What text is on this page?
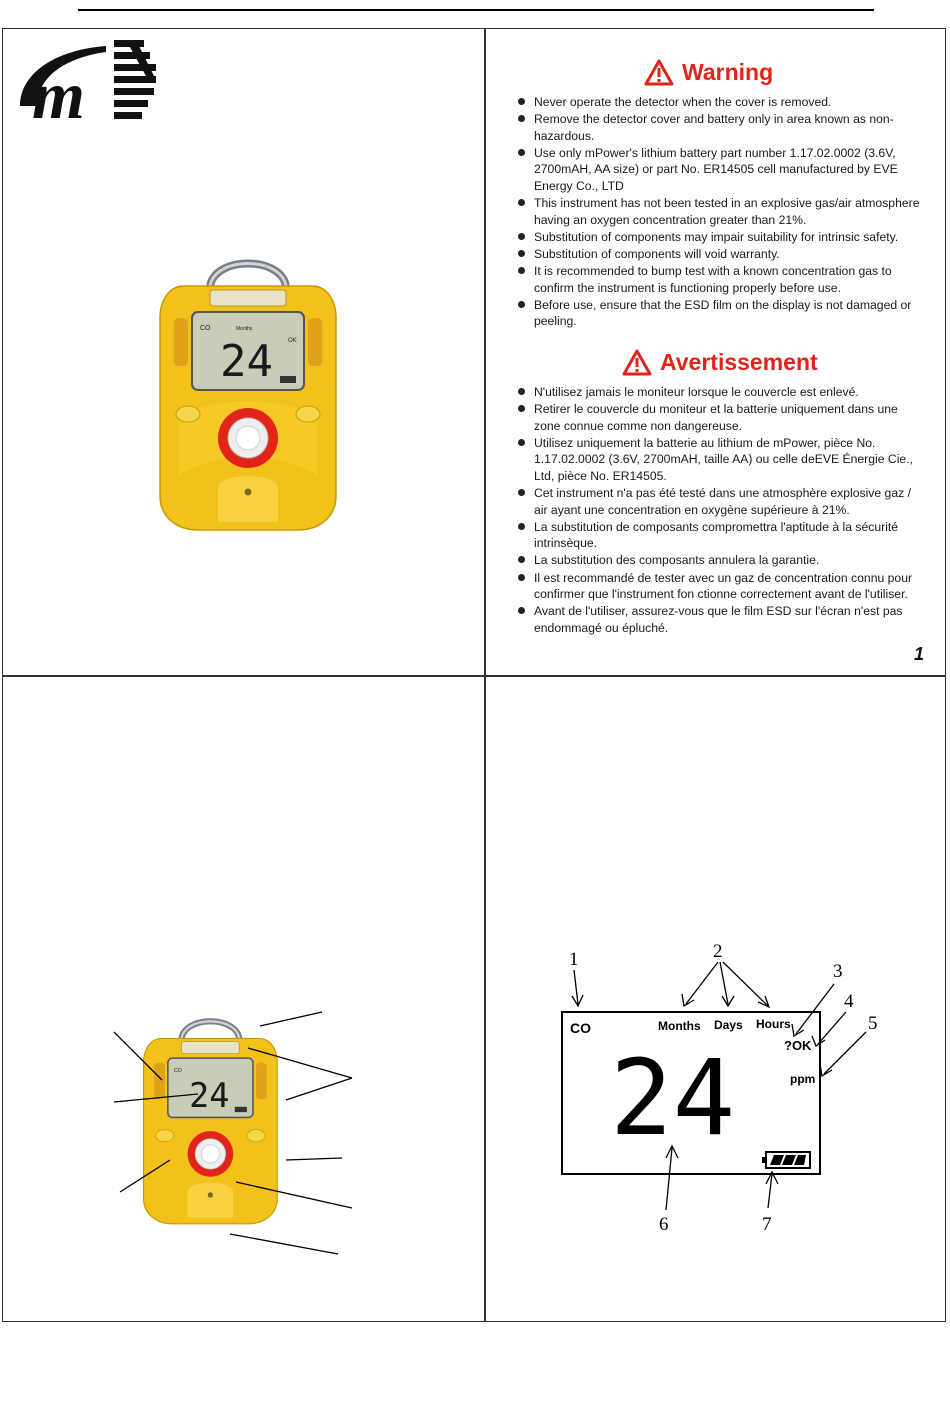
m
CO	Months
OK
24
Warning
Never operate the detector when the cover is removed.
Remove the detector cover and battery only in area known as non-hazardous.
Use only mPower's lithium battery part number 1.17.02.0002 (3.6V, 2700mAH, AA size) or part No. ER14505 cell manufactured by EVE Energy Co., LTD
This instrument has not been tested in an explosive gas/air atmosphere having an oxygen concentration greater than 21%.
Substitution of components may impair suitability for intrinsic safety.
Substitution of components will void warranty.
It is recommended to bump test with a known concentration gas to confirm the instrument is functioning properly before use.
Before use, ensure that the ESD film on the display is not damaged or peeling.
Avertissement
N'utilisez jamais le moniteur lorsque le couvercle est enlevé.
Retirer le couvercle du moniteur et la batterie uniquement dans une zone connue comme non dangereuse.
Utilisez uniquement la batterie au lithium de mPower, pièce No. 1.17.02.0002 (3.6V, 2700mAH, taille AA) ou celle deEVE Énergie Cie., Ltd, pièce No. ER14505.
Cet instrument n'a pas été testé dans une atmosphère explosive gaz / air ayant une concentration en oxygène supérieure à 21%.
La substitution de composants compromettra l'aptitude à la sécurité intrinsèque.
La substitution des composants annulera la garantie.
Il est recommandé de tester avec un gaz de concentration connu pour confirmer que l'instrument fon ctionne correctement avant de l'utiliser.
Avant de l'utiliser, assurez-vous que le film ESD sur l'écran n'est pas endommagé ou épluché.
1
CO
24
CO	Months Days Hours
?OK
ppm
24
1	2
3
4
5
6	7
